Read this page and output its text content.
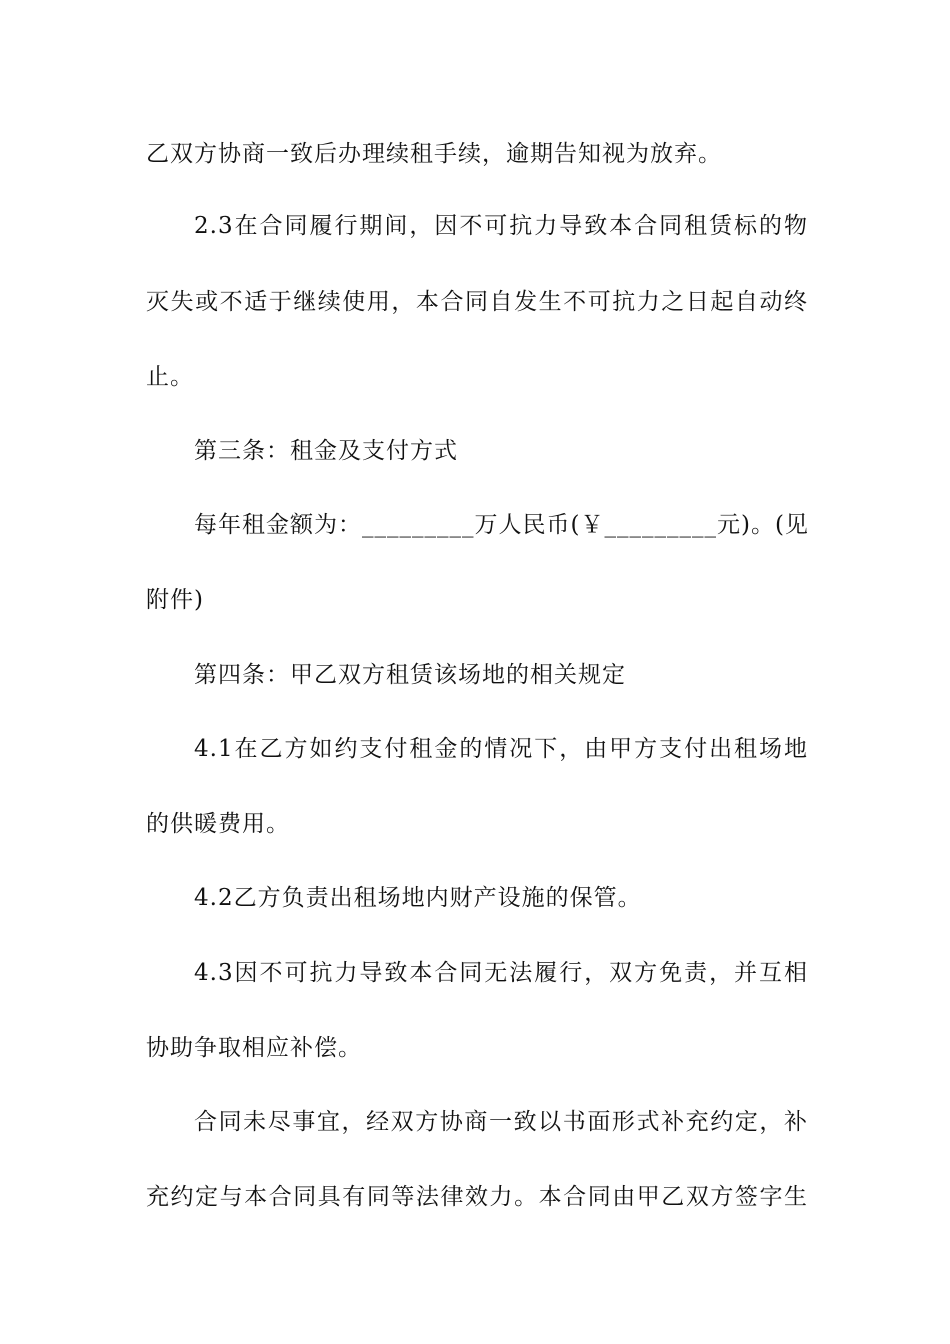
乙双方协商一致后办理续租手续，逾期告知视为放弃。
2.3在合同履行期间，因不可抗力导致本合同租赁标的物
灭失或不适于继续使用，本合同自发生不可抗力之日起自动终
止。
第三条：租金及支付方式
每年租金额为：_________万人民币(￥_________元)。(见
附件)
第四条：甲乙双方租赁该场地的相关规定
4.1在乙方如约支付租金的情况下，由甲方支付出租场地
的供暖费用。
4.2乙方负责出租场地内财产设施的保管。
4.3因不可抗力导致本合同无法履行，双方免责，并互相
协助争取相应补偿。
合同未尽事宜，经双方协商一致以书面形式补充约定，补
充约定与本合同具有同等法律效力。本合同由甲乙双方签字生
